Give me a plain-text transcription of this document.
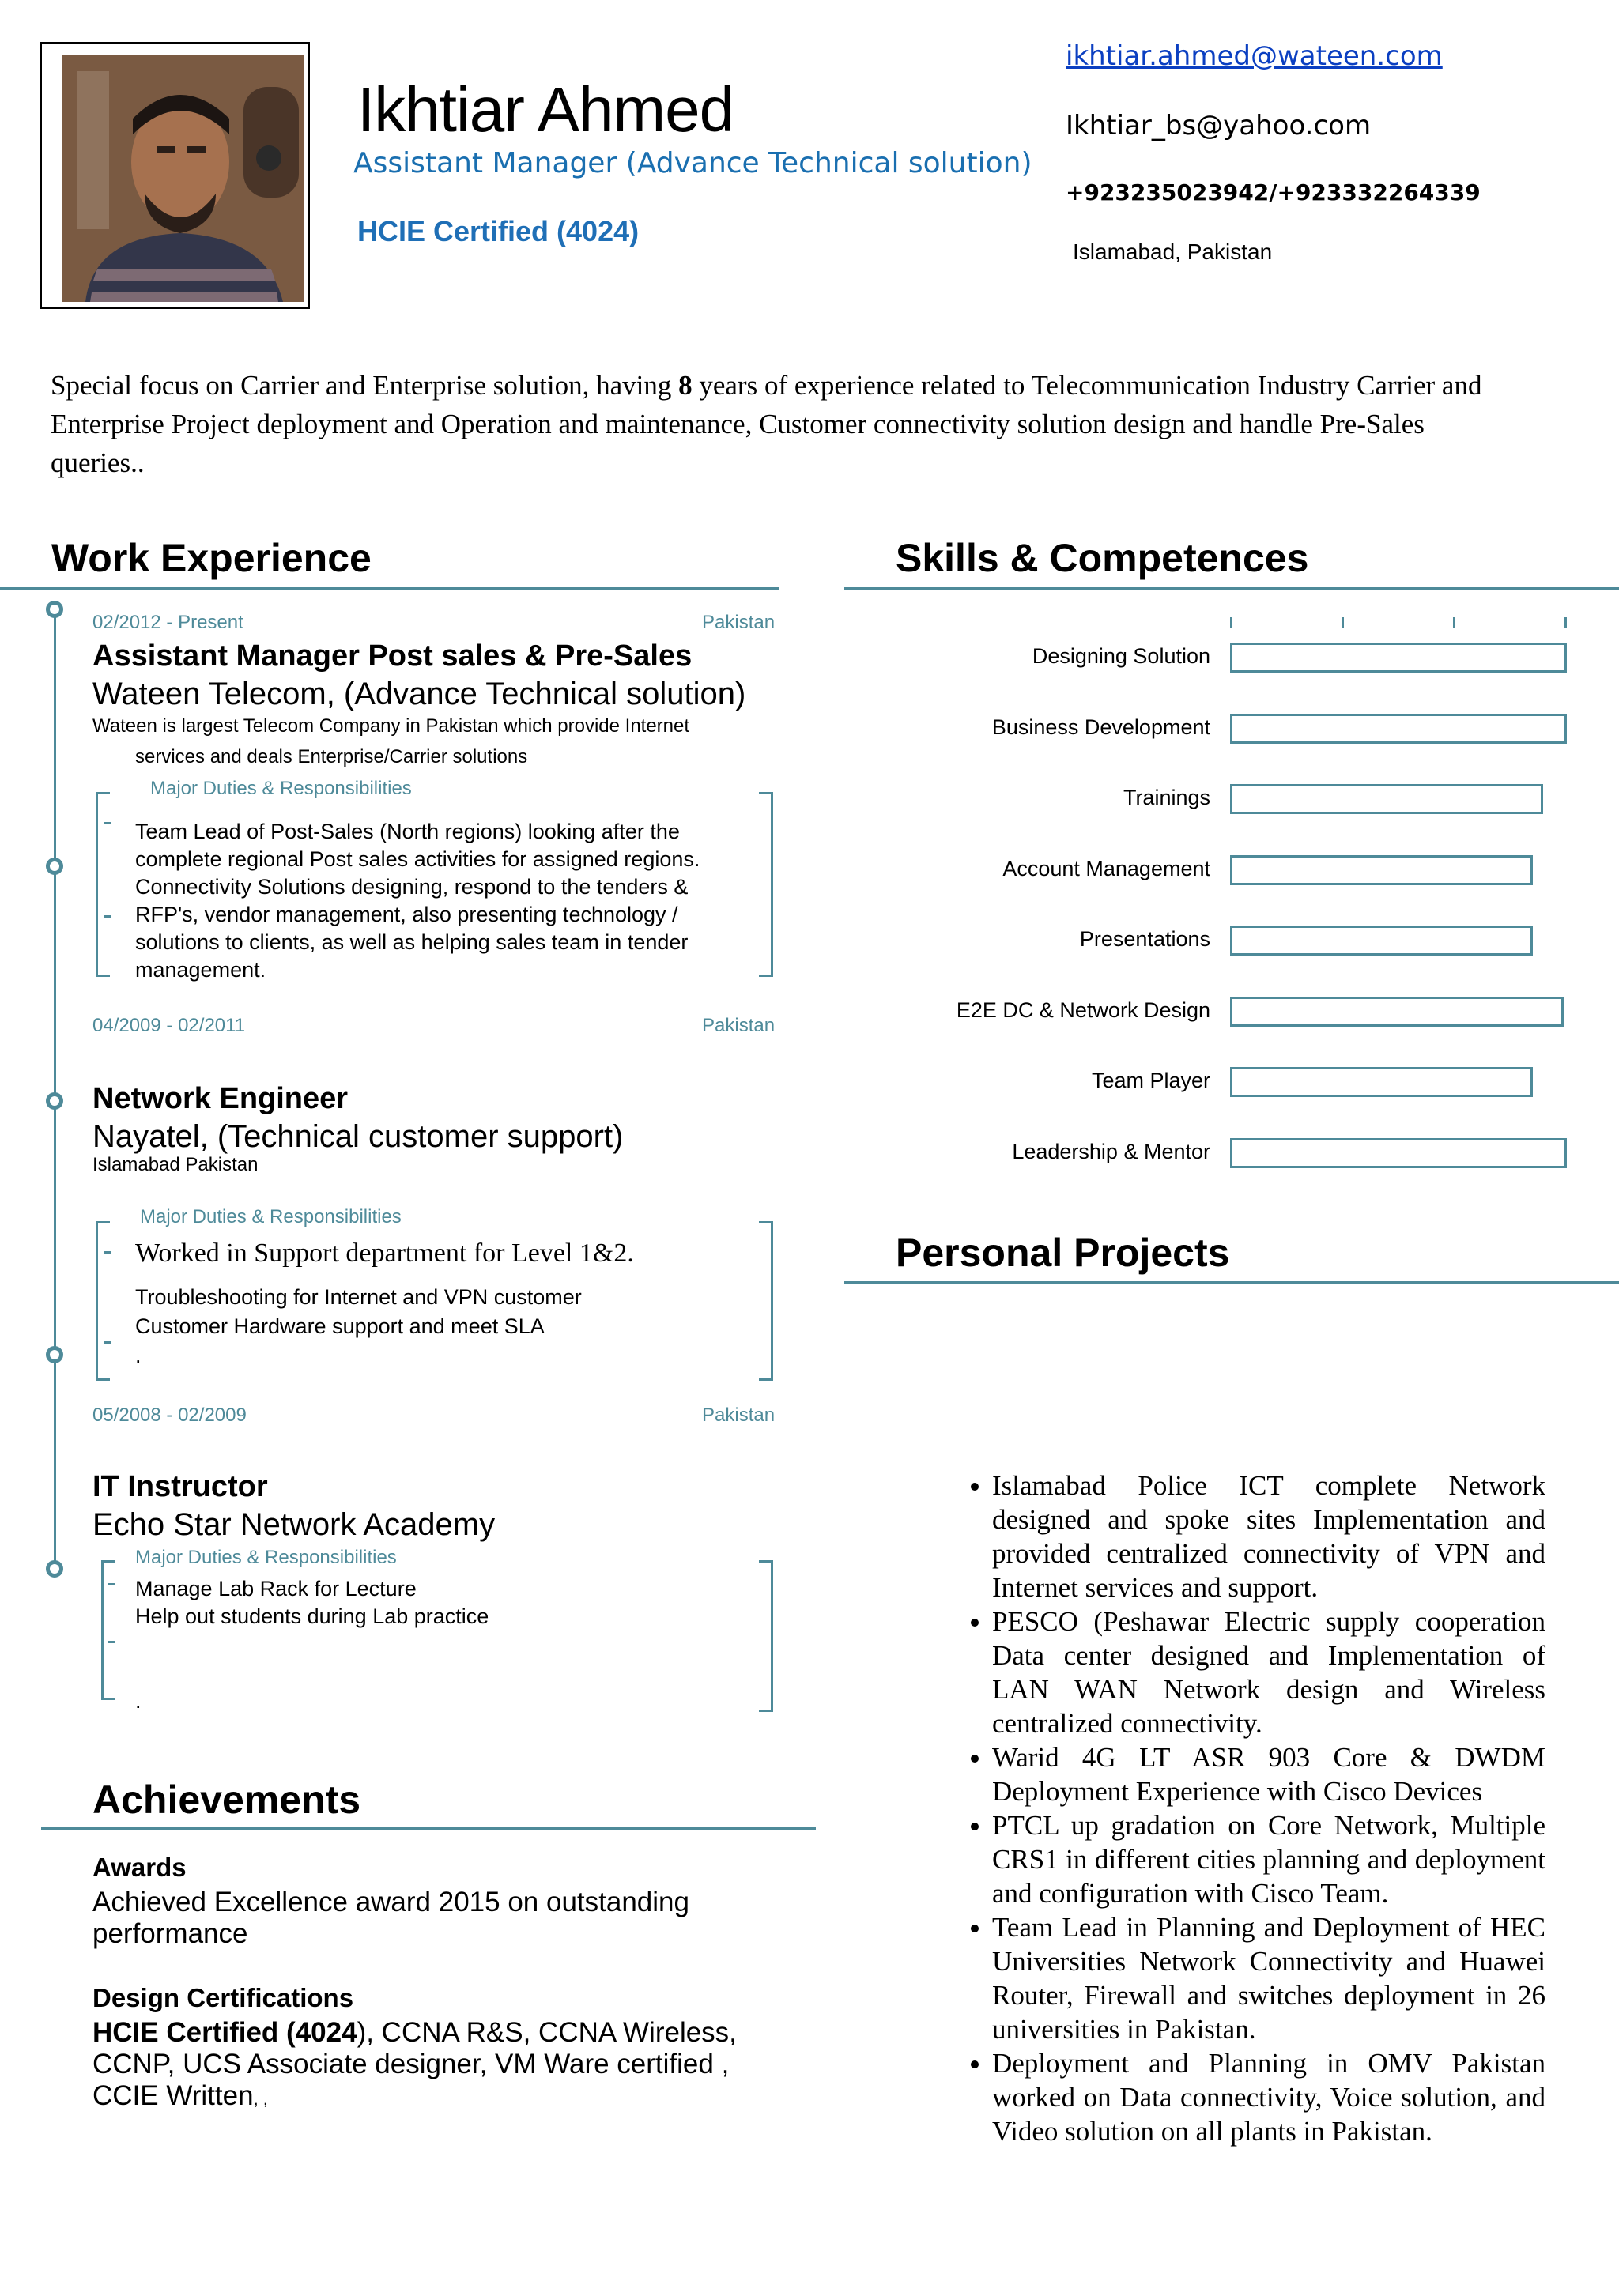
Ikhtiar Ahmed
Assistant Manager (Advance Technical solution)
HCIE Certified (4024)
ikhtiar.ahmed@wateen.com
Ikhtiar_bs@yahoo.com
+923235023942/+923332264339
Islamabad, Pakistan
Special focus on Carrier and Enterprise solution, having 8 years of experience related to Telecommunication Industry Carrier and Enterprise Project deployment and Operation and maintenance, Customer connectivity solution design and handle Pre-Sales queries..
Work Experience
02/2012 - Present	Pakistan
Assistant Manager Post sales & Pre-Sales
Wateen Telecom, (Advance Technical solution)
Wateen is largest Telecom Company in Pakistan which provide Internet
services and deals Enterprise/Carrier solutions
Major Duties & Responsibilities
Team Lead of Post-Sales (North regions) looking after the
complete regional Post sales activities for assigned regions.
Connectivity Solutions designing, respond to the tenders &
RFP's, vendor management, also presenting technology /
solutions to clients, as well as helping sales team in tender
management.
04/2009 - 02/2011	Pakistan
Network Engineer
Nayatel, (Technical customer support)
Islamabad Pakistan
Major Duties & Responsibilities
Worked in Support department for Level 1&2.
Troubleshooting for Internet and VPN customer
Customer Hardware support and meet SLA
.
05/2008 - 02/2009	Pakistan
IT Instructor
Echo Star Network Academy
Major Duties & Responsibilities
Manage Lab Rack for Lecture
Help out students during Lab practice
.
Achievements
Awards
Achieved Excellence award 2015 on outstanding performance
Design Certifications
HCIE Certified (4024), CCNA R&S, CCNA Wireless, CCNP, UCS Associate designer, VM Ware certified , CCIE Written, ,
Skills & Competences
Designing Solution
Business Development
Trainings
Account Management
Presentations
E2E DC & Network Design
Team Player
Leadership & Mentor
Personal Projects
• Islamabad Police ICT complete Network designed and spoke sites Implementation and provided centralized connectivity of VPN and Internet services and support.
• PESCO (Peshawar Electric supply cooperation Data center designed and Implementation of LAN WAN Network design and Wireless centralized connectivity.
• Warid 4G LT ASR 903 Core & DWDM Deployment Experience with Cisco Devices
• PTCL up gradation on Core Network, Multiple CRS1 in different cities planning and deployment and configuration with Cisco Team.
• Team Lead in Planning and Deployment of HEC Universities Network Connectivity and Huawei Router, Firewall and switches deployment in 26 universities in Pakistan.
• Deployment and Planning in OMV Pakistan worked on Data connectivity, Voice solution, and Video solution on all plants in Pakistan.
